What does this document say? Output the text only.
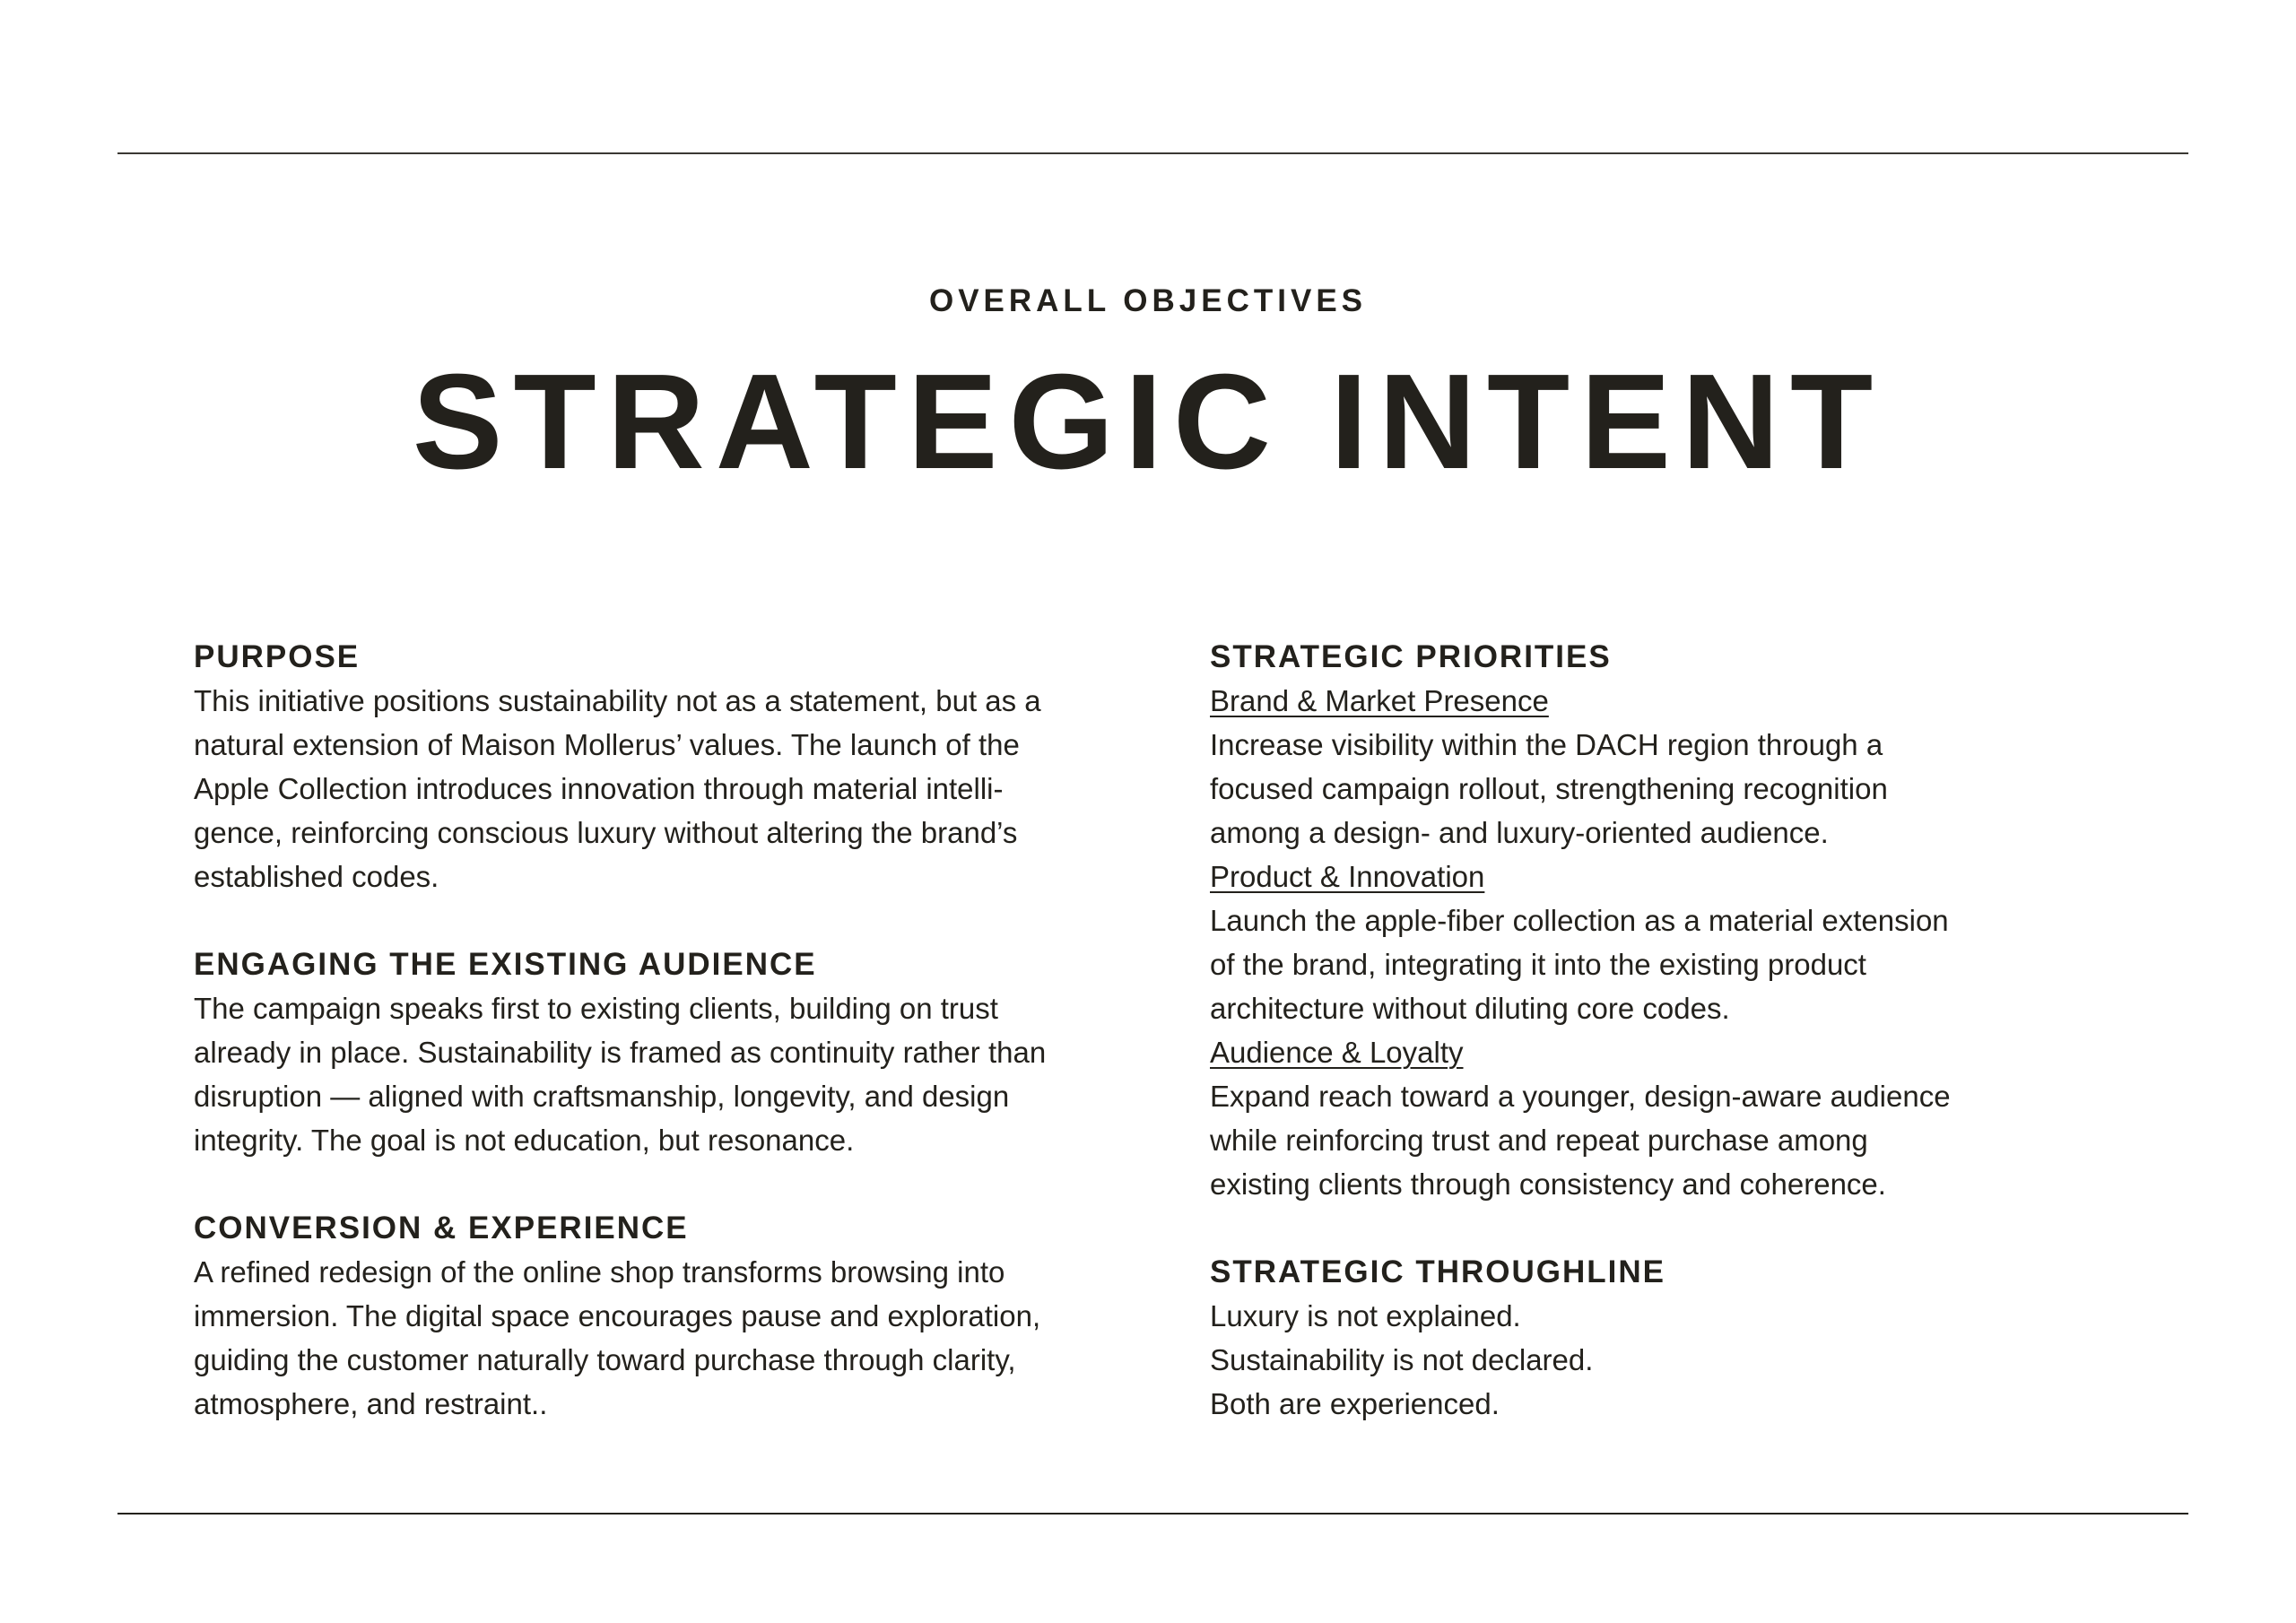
OVERALL OBJECTIVES
STRATEGIC INTENT
PURPOSE

This initiative positions sustainability not as a statement, but as a
natural extension of Maison Mollerus’ values. The launch of the
Apple Collection introduces innovation through material intelli-
gence, reinforcing conscious luxury without altering the brand’s
established codes.

ENGAGING THE EXISTING AUDIENCE

The campaign speaks first to existing clients, building on trust
already in place. Sustainability is framed as continuity rather than
disruption — aligned with craftsmanship, longevity, and design
integrity. The goal is not education, but resonance.

CONVERSION & EXPERIENCE

A refined redesign of the online shop transforms browsing into
immersion. The digital space encourages pause and exploration,
guiding the customer naturally toward purchase through clarity,
atmosphere, and restraint..

STRATEGIC PRIORITIES

Brand & Market Presence

Increase visibility within the DACH region through a
focused campaign rollout, strengthening recognition
among a design- and luxury-oriented audience.

Product & Innovation

Launch the apple-fiber collection as a material extension
of the brand, integrating it into the existing product
architecture without diluting core codes.

Audience & Loyalty

Expand reach toward a younger, design-aware audience
while reinforcing trust and repeat purchase among
existing clients through consistency and coherence.

STRATEGIC THROUGHLINE

Luxury is not explained.
Sustainability is not declared.
Both are experienced.
